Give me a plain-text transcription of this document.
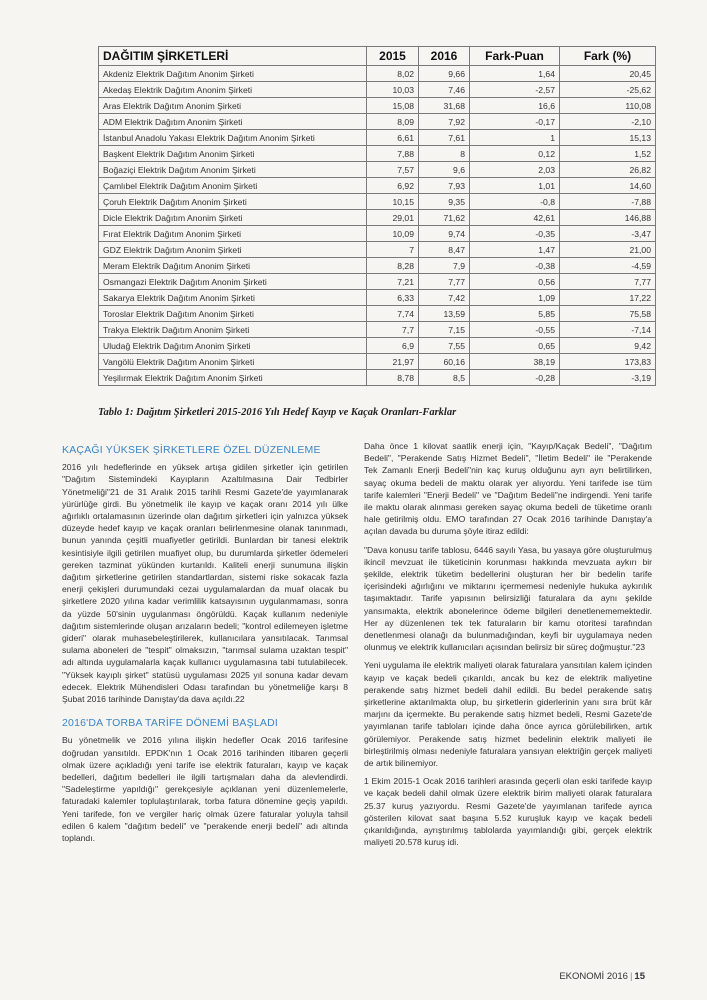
DAĞITIM ŞİRKETLERİ	2015	2016	Fark-Puan	Fark (%)
Akdeniz Elektrik Dağıtım Anonim Şirketi	8,02	9,66	1,64	20,45
Akedaş Elektrik Dağıtım Anonim Şirketi	10,03	7,46	-2,57	-25,62
Aras Elektrik Dağıtım Anonim Şirketi	15,08	31,68	16,6	110,08
ADM Elektrik Dağıtım Anonim Şirketi	8,09	7,92	-0,17	-2,10
İstanbul Anadolu Yakası Elektrik Dağıtım Anonim Şirketi	6,61	7,61	1	15,13
Başkent Elektrik Dağıtım Anonim Şirketi	7,88	8	0,12	1,52
Boğaziçi Elektrik Dağıtım Anonim Şirketi	7,57	9,6	2,03	26,82
Çamlıbel Elektrik Dağıtım Anonim Şirketi	6,92	7,93	1,01	14,60
Çoruh Elektrik Dağıtım Anonim Şirketi	10,15	9,35	-0,8	-7,88
Dicle Elektrik Dağıtım Anonim Şirketi	29,01	71,62	42,61	146,88
Fırat Elektrik Dağıtım Anonim Şirketi	10,09	9,74	-0,35	-3,47
GDZ Elektrik Dağıtım Anonim Şirketi	7	8,47	1,47	21,00
Meram Elektrik Dağıtım Anonim Şirketi	8,28	7,9	-0,38	-4,59
Osmangazi Elektrik Dağıtım Anonim Şirketi	7,21	7,77	0,56	7,77
Sakarya Elektrik Dağıtım Anonim Şirketi	6,33	7,42	1,09	17,22
Toroslar Elektrik Dağıtım Anonim Şirketi	7,74	13,59	5,85	75,58
Trakya Elektrik Dağıtım Anonim Şirketi	7,7	7,15	-0,55	-7,14
Uludağ Elektrik Dağıtım Anonim Şirketi	6,9	7,55	0,65	9,42
Vangölü Elektrik Dağıtım Anonim Şirketi	21,97	60,16	38,19	173,83
Yeşilırmak Elektrik Dağıtım Anonim Şirketi	8,78	8,5	-0,28	-3,19
Tablo 1: Dağıtım Şirketleri 2015-2016 Yılı Hedef Kayıp ve Kaçak Oranları-Farklar
KAÇAĞI YÜKSEK ŞİRKETLERE ÖZEL DÜZENLEME

2016 yılı hedeflerinde en yüksek artışa gidilen şirketler için getirilen "Dağıtım Sistemindeki Kayıpların Azaltılmasına Dair Tedbirler Yönetmeliği"21 de 31 Aralık 2015 tarihli Resmi Gazete'de yayımlanarak yürürlüğe girdi. Bu yönetmelik ile kayıp ve kaçak oranı 2014 yılı ülke ağırlıklı ortalamasının üzerinde olan dağıtım şirketleri için yalnızca yüksek düzeyde hedef kayıp ve kaçak oranları belirlenmesine olanak tanınmadı, bunun yanında çeşitli muafiyetler getirildi. Bunlardan bir tanesi elektrik kesintisiyle ilgili getirilen muafiyet olup, bu durumlarda şirketler ödemeleri gereken tazminat yükünden kurtarıldı. Kaliteli enerji sunumuna ilişkin dağıtım şirketlerine getirilen standartlardan, sistemi riske sokacak fazla enerji çekişleri durumundaki cezai uygulamalardan da muaf olacak bu şirketlere 2020 yılına kadar verimlilik katsayısının uygulanmaması, sonra da yüzde 50'sinin uygulanması öngörüldü. Kaçak kullanım nedeniyle dağıtım sistemlerinde oluşan arızaların bedeli; "kontrol edilemeyen işletme gideri" olarak muhasebeleştirilerek, kullanıcılara yansıtılacak. Tarımsal sulama aboneleri de "tespit" olmaksızın, "tarımsal sulama uzaktan tespit" adı altında uygulamalarla kaçak kullanıcı uygulamasına tabi tutulabilecek. "Yüksek kayıplı şirket" statüsü uygulaması 2025 yıl sonuna kadar devam edecek. Elektrik Mühendisleri Odası tarafından bu yönetmeliğe karşı 8 Şubat 2016 tarihinde Danıştay'da dava açıldı.22

2016'DA TORBA TARİFE DÖNEMİ BAŞLADI

Bu yönetmelik ve 2016 yılına ilişkin hedefler Ocak 2016 tarifesine doğrudan yansıtıldı. EPDK'nın 1 Ocak 2016 tarihinden itibaren geçerli olmak üzere açıkladığı yeni tarife ise elektrik faturaları, kayıp ve kaçak bedelleri, dağıtım bedelleri ile ilgili tartışmaları daha da alevlendirdi. "Sadeleştirme yapıldığı" gerekçesiyle açıklanan yeni düzenlemelerle, faturadaki kalemler toplulaştırılarak, torba fatura dönemine geçiş yapıldı. Yeni tarifede, fon ve vergiler hariç olmak üzere faturalar yoluyla tahsil edilen 6 kalem "dağıtım bedeli" ve "perakende enerji bedeli" adı altında toplandı.

Daha önce 1 kilovat saatlik enerji için, "Kayıp/Kaçak Bedeli", "Dağıtım Bedeli", "Perakende Satış Hizmet Bedeli", "İletim Bedeli" ile "Perakende Tek Zamanlı Enerji Bedeli"nin kaç kuruş olduğunu ayrı ayrı belirtilirken, sayaç okuma bedeli de maktu olarak yer alıyordu. Yeni tarifede ise tüm tarife kalemleri "Enerji Bedeli" ve "Dağıtım Bedeli"ne indirgendi. Yeni tarife ile maktu olarak alınması gereken sayaç okuma bedeli de tüketime oranlı hale getirilmiş oldu. EMO tarafından 27 Ocak 2016 tarihinde Danıştay'a açılan davada bu duruma şöyle itiraz edildi:

"Dava konusu tarife tablosu, 6446 sayılı Yasa, bu yasaya göre oluşturulmuş ikincil mevzuat ile tüketicinin korunması hakkında mevzuata aykırı bir şekilde, elektrik tüketim bedellerini oluşturan her bir bedelin tarife içerisindeki ağırlığını ve miktarını içermemesi nedeniyle hukuka aykırılık taşımaktadır. Tarife yapısının belirsizliği faturalara da aynı şekilde yansımakta, elektrik abonelerince ödeme bilgileri denetlenememektedir. Her ay düzenlenen tek tek faturaların bir kamu otoritesi tarafından denetlenmesi olanağı da bulunmadığından, keyfi bir uygulamaya neden olunmuş ve elektrik kullanıcıları açısından belirsiz bir süreç doğmuştur."23

Yeni uygulama ile elektrik maliyeti olarak faturalara yansıtılan kalem içinden kayıp ve kaçak bedeli çıkarıldı, ancak bu kez de elektrik maliyetine perakende satış hizmet bedeli dahil edildi. Bu bedel perakende satış şirketlerine aktarılmakta olup, bu şirketlerin giderlerinin yanı sıra brüt kâr marjını da içermekte. Bu perakende satış hizmet bedeli, Resmi Gazete'de yayımlanan tarife tabloları içinde daha önce ayrıca görülebilirken, artık görülemiyor. Perakende satış hizmet bedelinin elektrik maliyeti ile birleştirilmiş olması nedeniyle faturalara yansıyan elektriğin gerçek maliyeti de artık bilinemiyor.

1 Ekim 2015-1 Ocak 2016 tarihleri arasında geçerli olan eski tarifede kayıp ve kaçak bedeli dahil olmak üzere elektrik birim maliyeti olarak faturalara 25.37 kuruş yazıyordu. Resmi Gazete'de yayımlanan tarifede ayrıca gösterilen kilovat saat başına 5.52 kuruşluk kayıp ve kaçak bedeli çıkarıldığında, ayrıştırılmış tablolarda yayımlandığı gibi, gerçek elektrik maliyeti 20.578 kuruş idi.

EKONOMİ 2016 | 15
